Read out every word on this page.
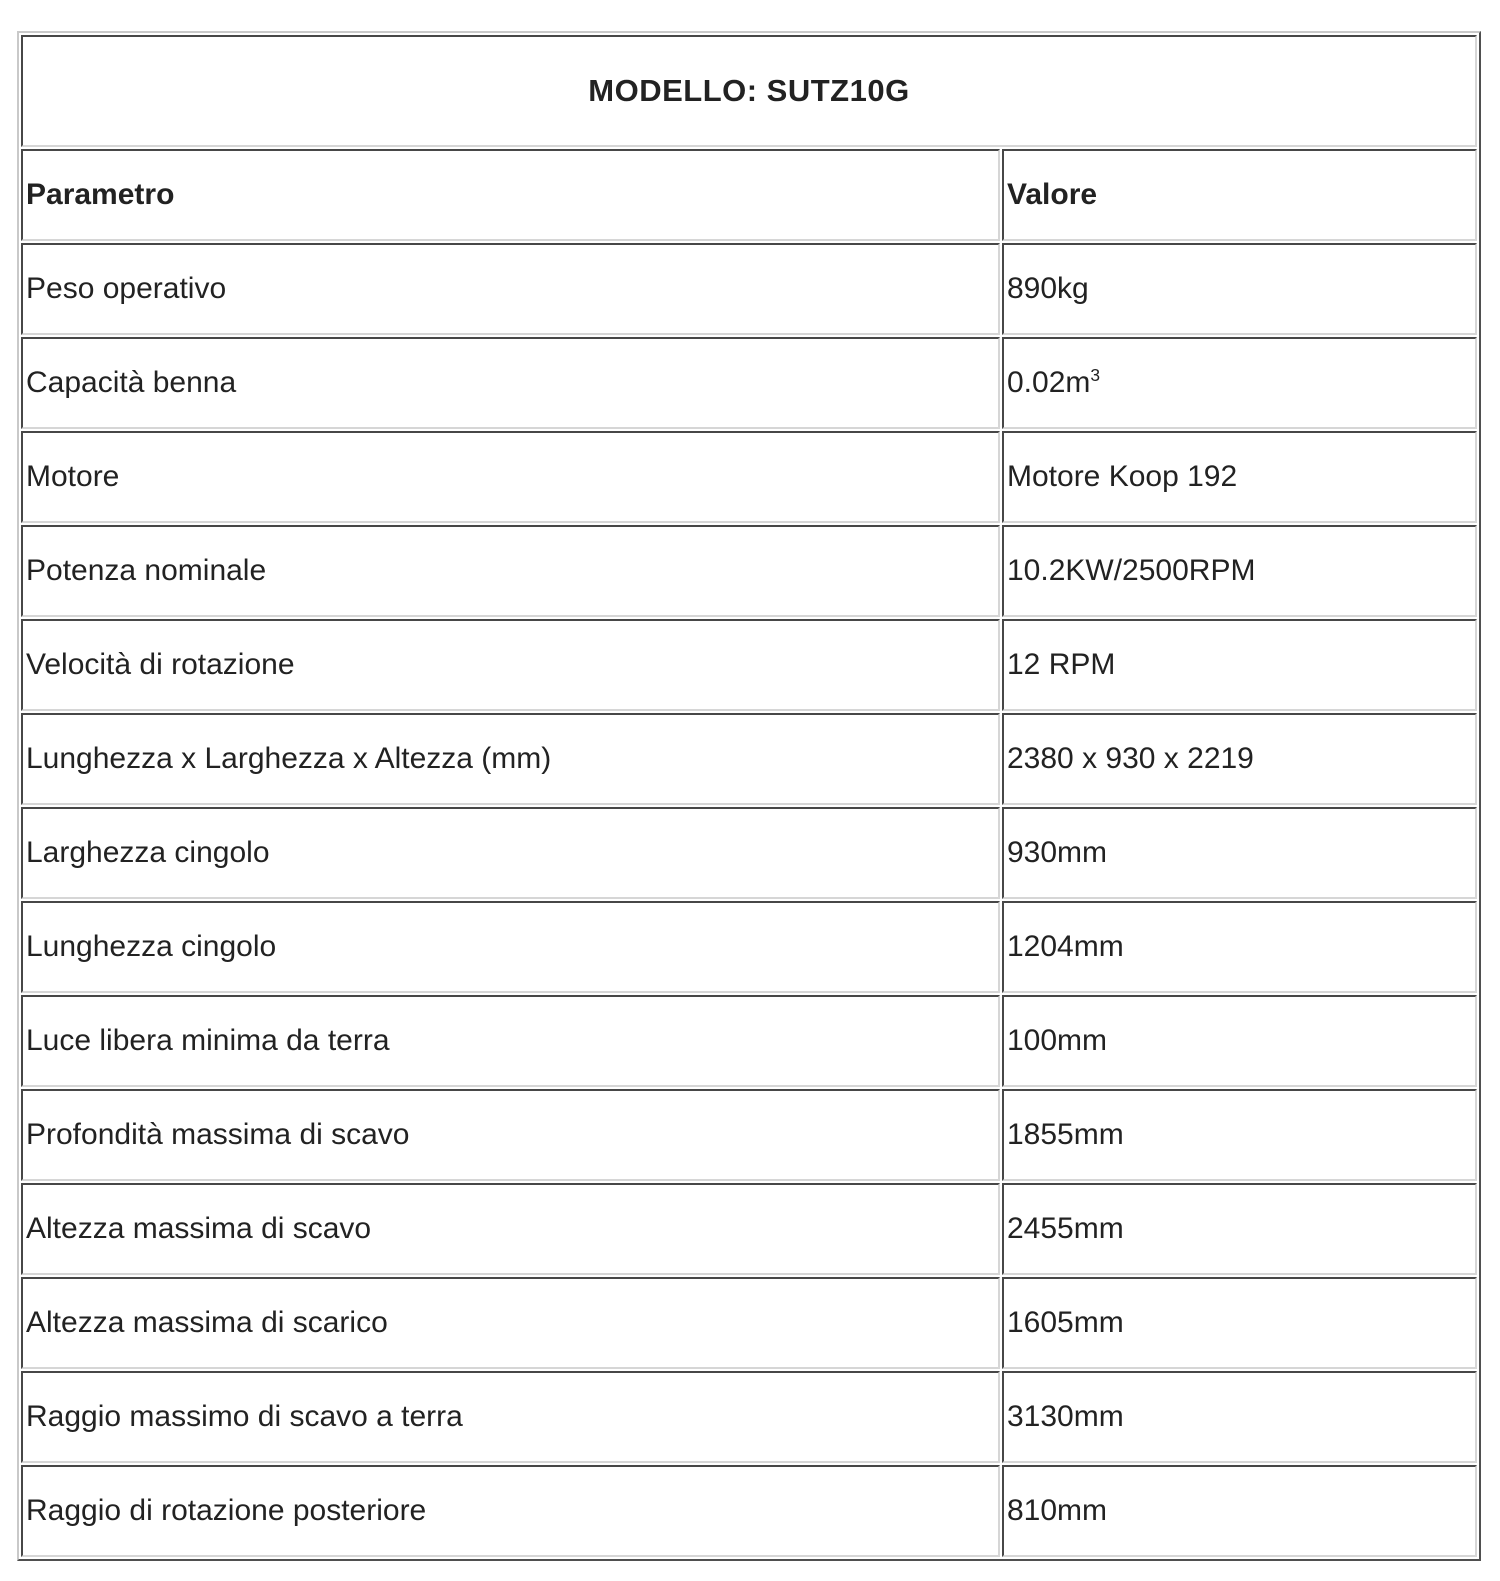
MODELLO: SUTZ10G	
Parametro	Valore
Peso operativo	890kg
Capacità benna	$0.02m^3$
Motore	Motore Koop 192
Potenza nominale	10.2KW/2500RPM
Velocità di rotazione	12 RPM
Lunghezza x Larghezza x Altezza (mm)	2380 x 930 x 2219
Larghezza cingolo	930mm
Lunghezza cingolo	1204mm
Luce libera minima da terra	100mm
Profondità massima di scavo	1855mm
Altezza massima di scavo	2455mm
Altezza massima di scarico	1605mm
Raggio massimo di scavo a terra	3130mm
Raggio di rotazione posteriore	810mm
